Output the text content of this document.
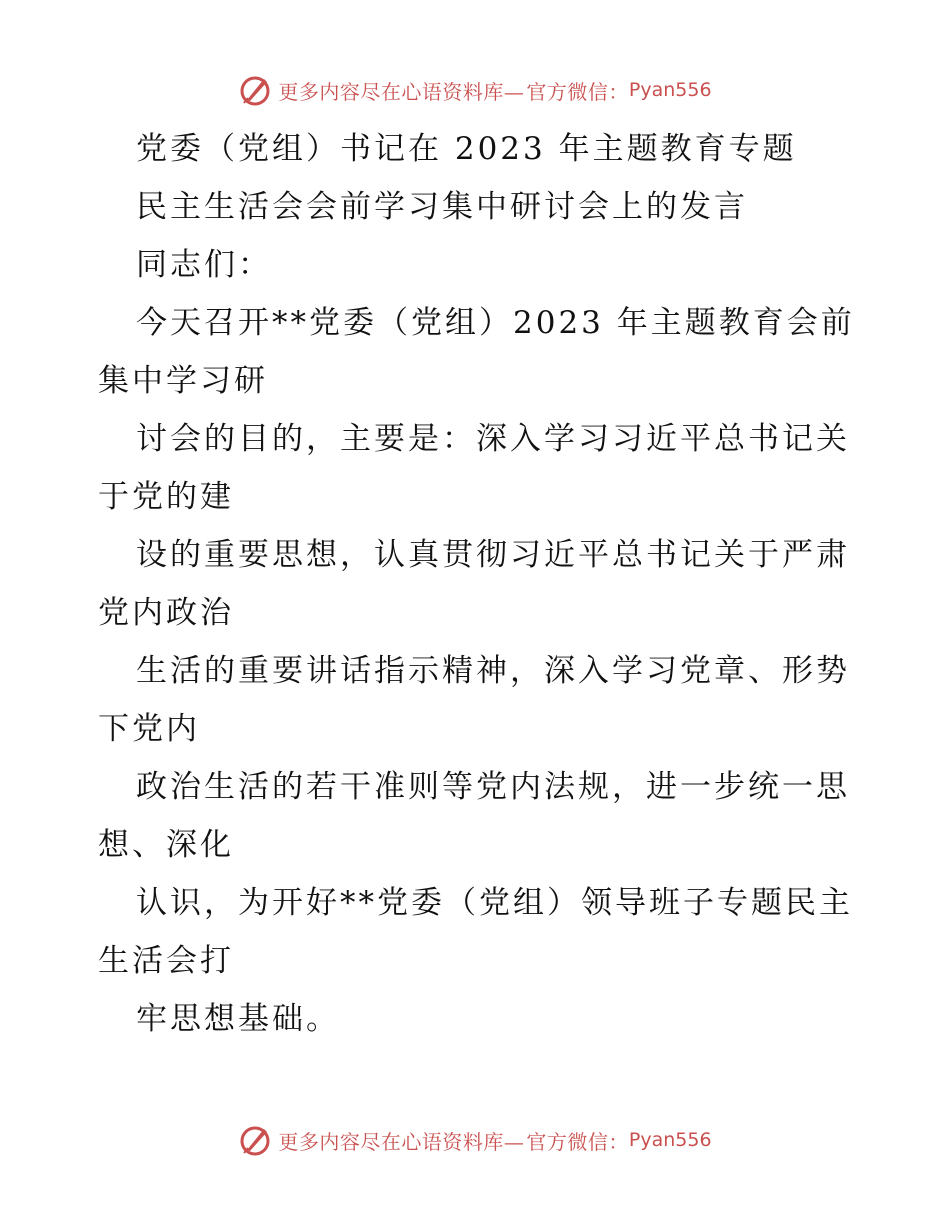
更多内容尽在心语资料库— 官方微信： Pyan556
党委（党组）书记在 2023 年主题教育专题
民主生活会会前学习集中研讨会上的发言
同志们：
今天召开**党委（党组）2023 年主题教育会前
集中学习研
讨会的目的，主要是：深入学习习近平总书记关
于党的建
设的重要思想，认真贯彻习近平总书记关于严肃
党内政治
生活的重要讲话指示精神，深入学习党章、形势
下党内
政治生活的若干准则等党内法规，进一步统一思
想、深化
认识，为开好**党委（党组）领导班子专题民主
生活会打
牢思想基础。
更多内容尽在心语资料库— 官方微信： Pyan556
